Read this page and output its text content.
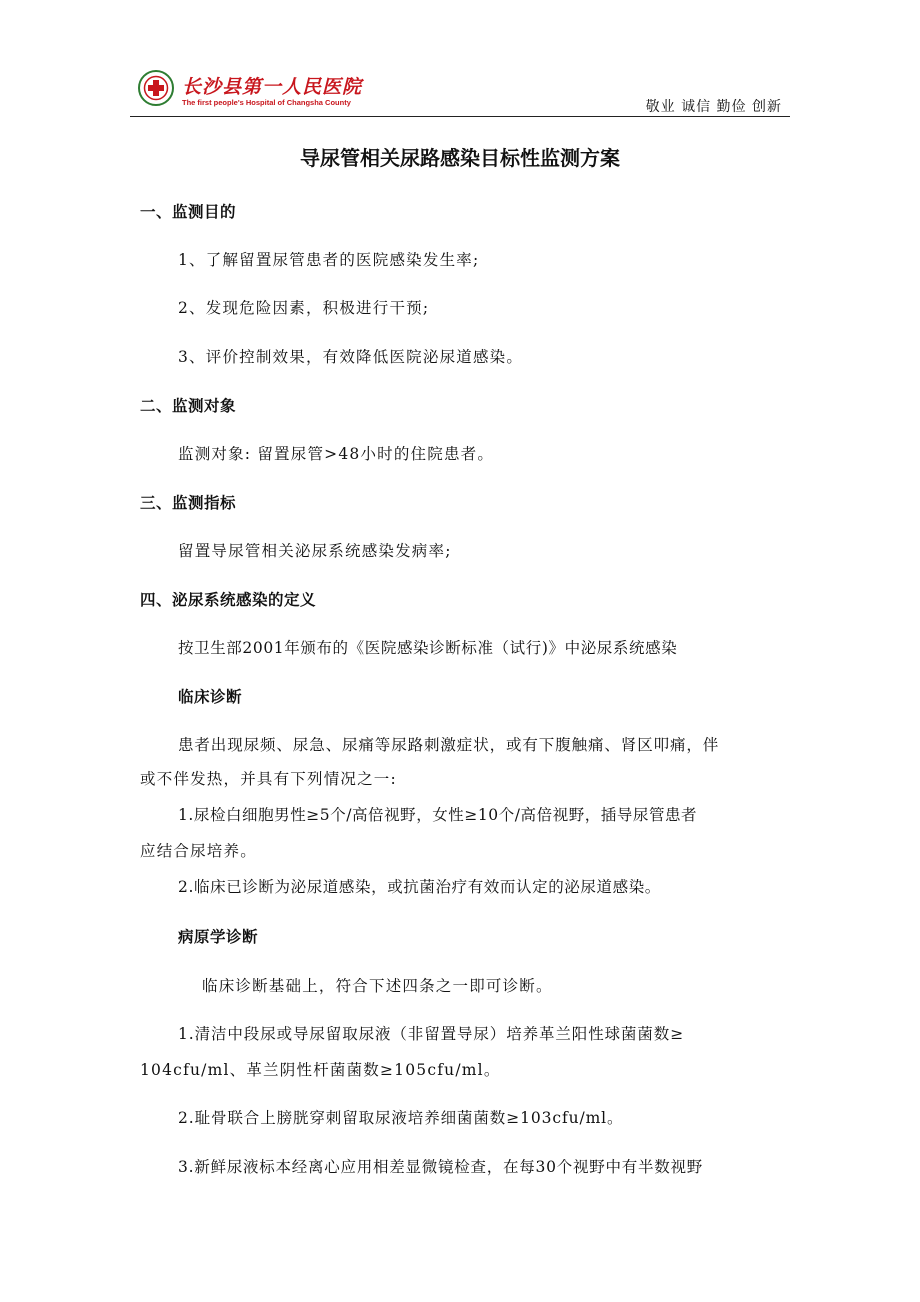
长沙县第一人民医院
The first people's Hospital of Changsha County	敬业 诚信 勤俭 创新
导尿管相关尿路感染目标性监测方案
一、监测目的
1、了解留置尿管患者的医院感染发生率;
2、发现危险因素，积极进行干预;
3、评价控制效果，有效降低医院泌尿道感染。
二、监测对象
监测对象: 留置尿管>48小时的住院患者。
三、监测指标
留置导尿管相关泌尿系统感染发病率;
四、泌尿系统感染的定义
按卫生部2001年颁布的《医院感染诊断标准（试行)》中泌尿系统感染
临床诊断
患者出现尿频、尿急、尿痛等尿路刺激症状，或有下腹触痛、肾区叩痛，伴
或不伴发热，并具有下列情况之一:
1.尿检白细胞男性≥5个/高倍视野，女性≥10个/高倍视野，插导尿管患者
应结合尿培养。
2.临床已诊断为泌尿道感染，或抗菌治疗有效而认定的泌尿道感染。
病原学诊断
临床诊断基础上，符合下述四条之一即可诊断。
1.清洁中段尿或导尿留取尿液（非留置导尿）培养革兰阳性球菌菌数≥
104cfu/ml、革兰阴性杆菌菌数≥105cfu/ml。
2.耻骨联合上膀胱穿刺留取尿液培养细菌菌数≥103cfu/ml。
3.新鲜尿液标本经离心应用相差显微镜检查，在每30个视野中有半数视野
